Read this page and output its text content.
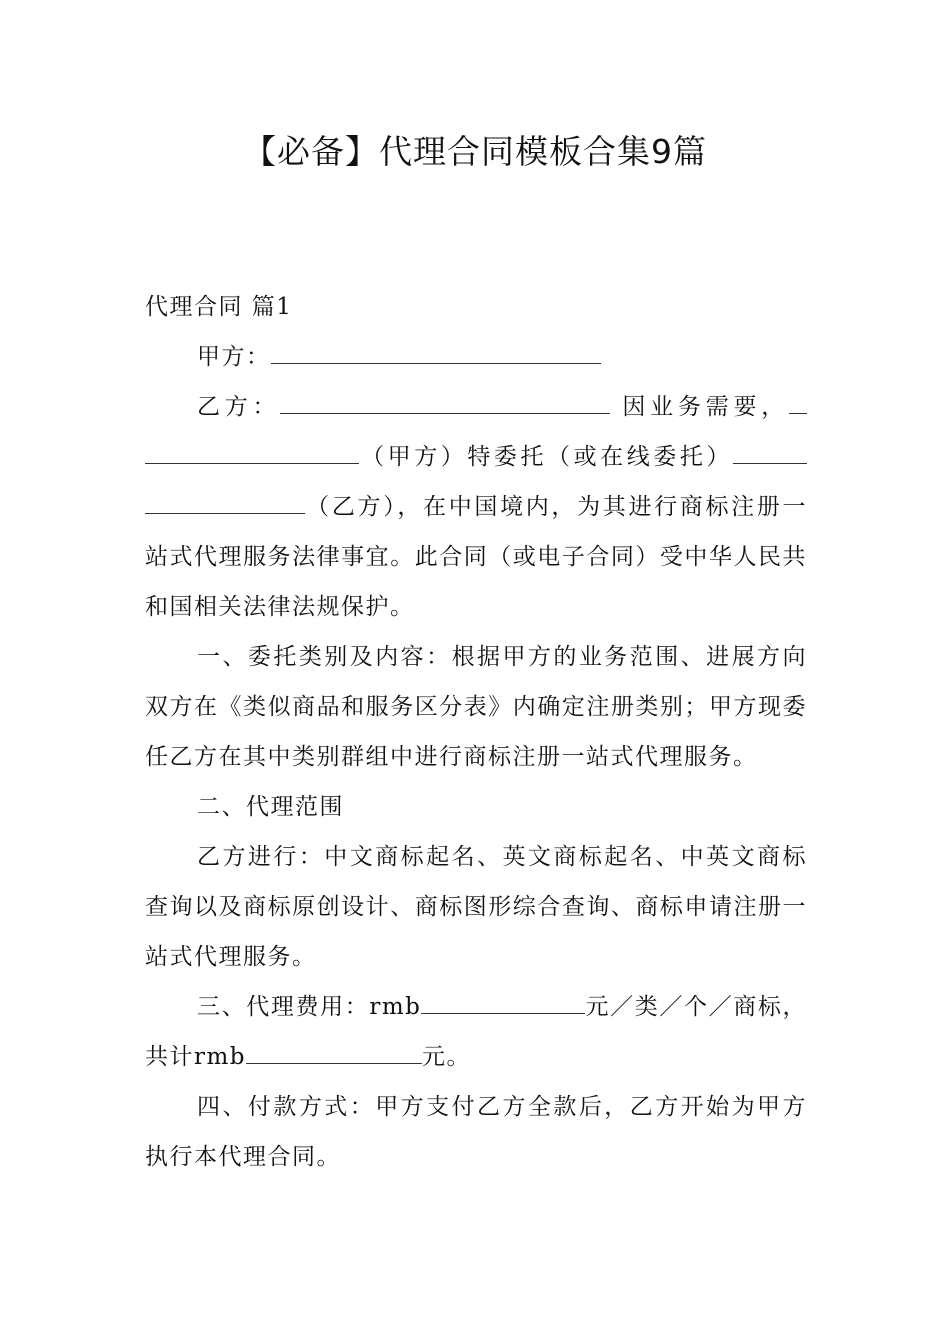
【必备】代理合同模板合集9篇

代理合同 篇1

甲方：

乙方：	因业务需要，（甲方）特委托（或在线委托）（乙方），在中国境内，为其进行商标注册一站式代理服务法律事宜。此合同（或电子合同）受中华人民共和国相关法律法规保护。

一、委托类别及内容：根据甲方的业务范围、进展方向双方在《类似商品和服务区分表》内确定注册类别；甲方现委任乙方在其中类别群组中进行商标注册一站式代理服务。

二、代理范围

乙方进行：中文商标起名、英文商标起名、中英文商标查询以及商标原创设计、商标图形综合查询、商标申请注册一站式代理服务。

三、代理费用：rmb	元／类／个／商标，共计rmb	元。

四、付款方式：甲方支付乙方全款后，乙方开始为甲方执行本代理合同。
